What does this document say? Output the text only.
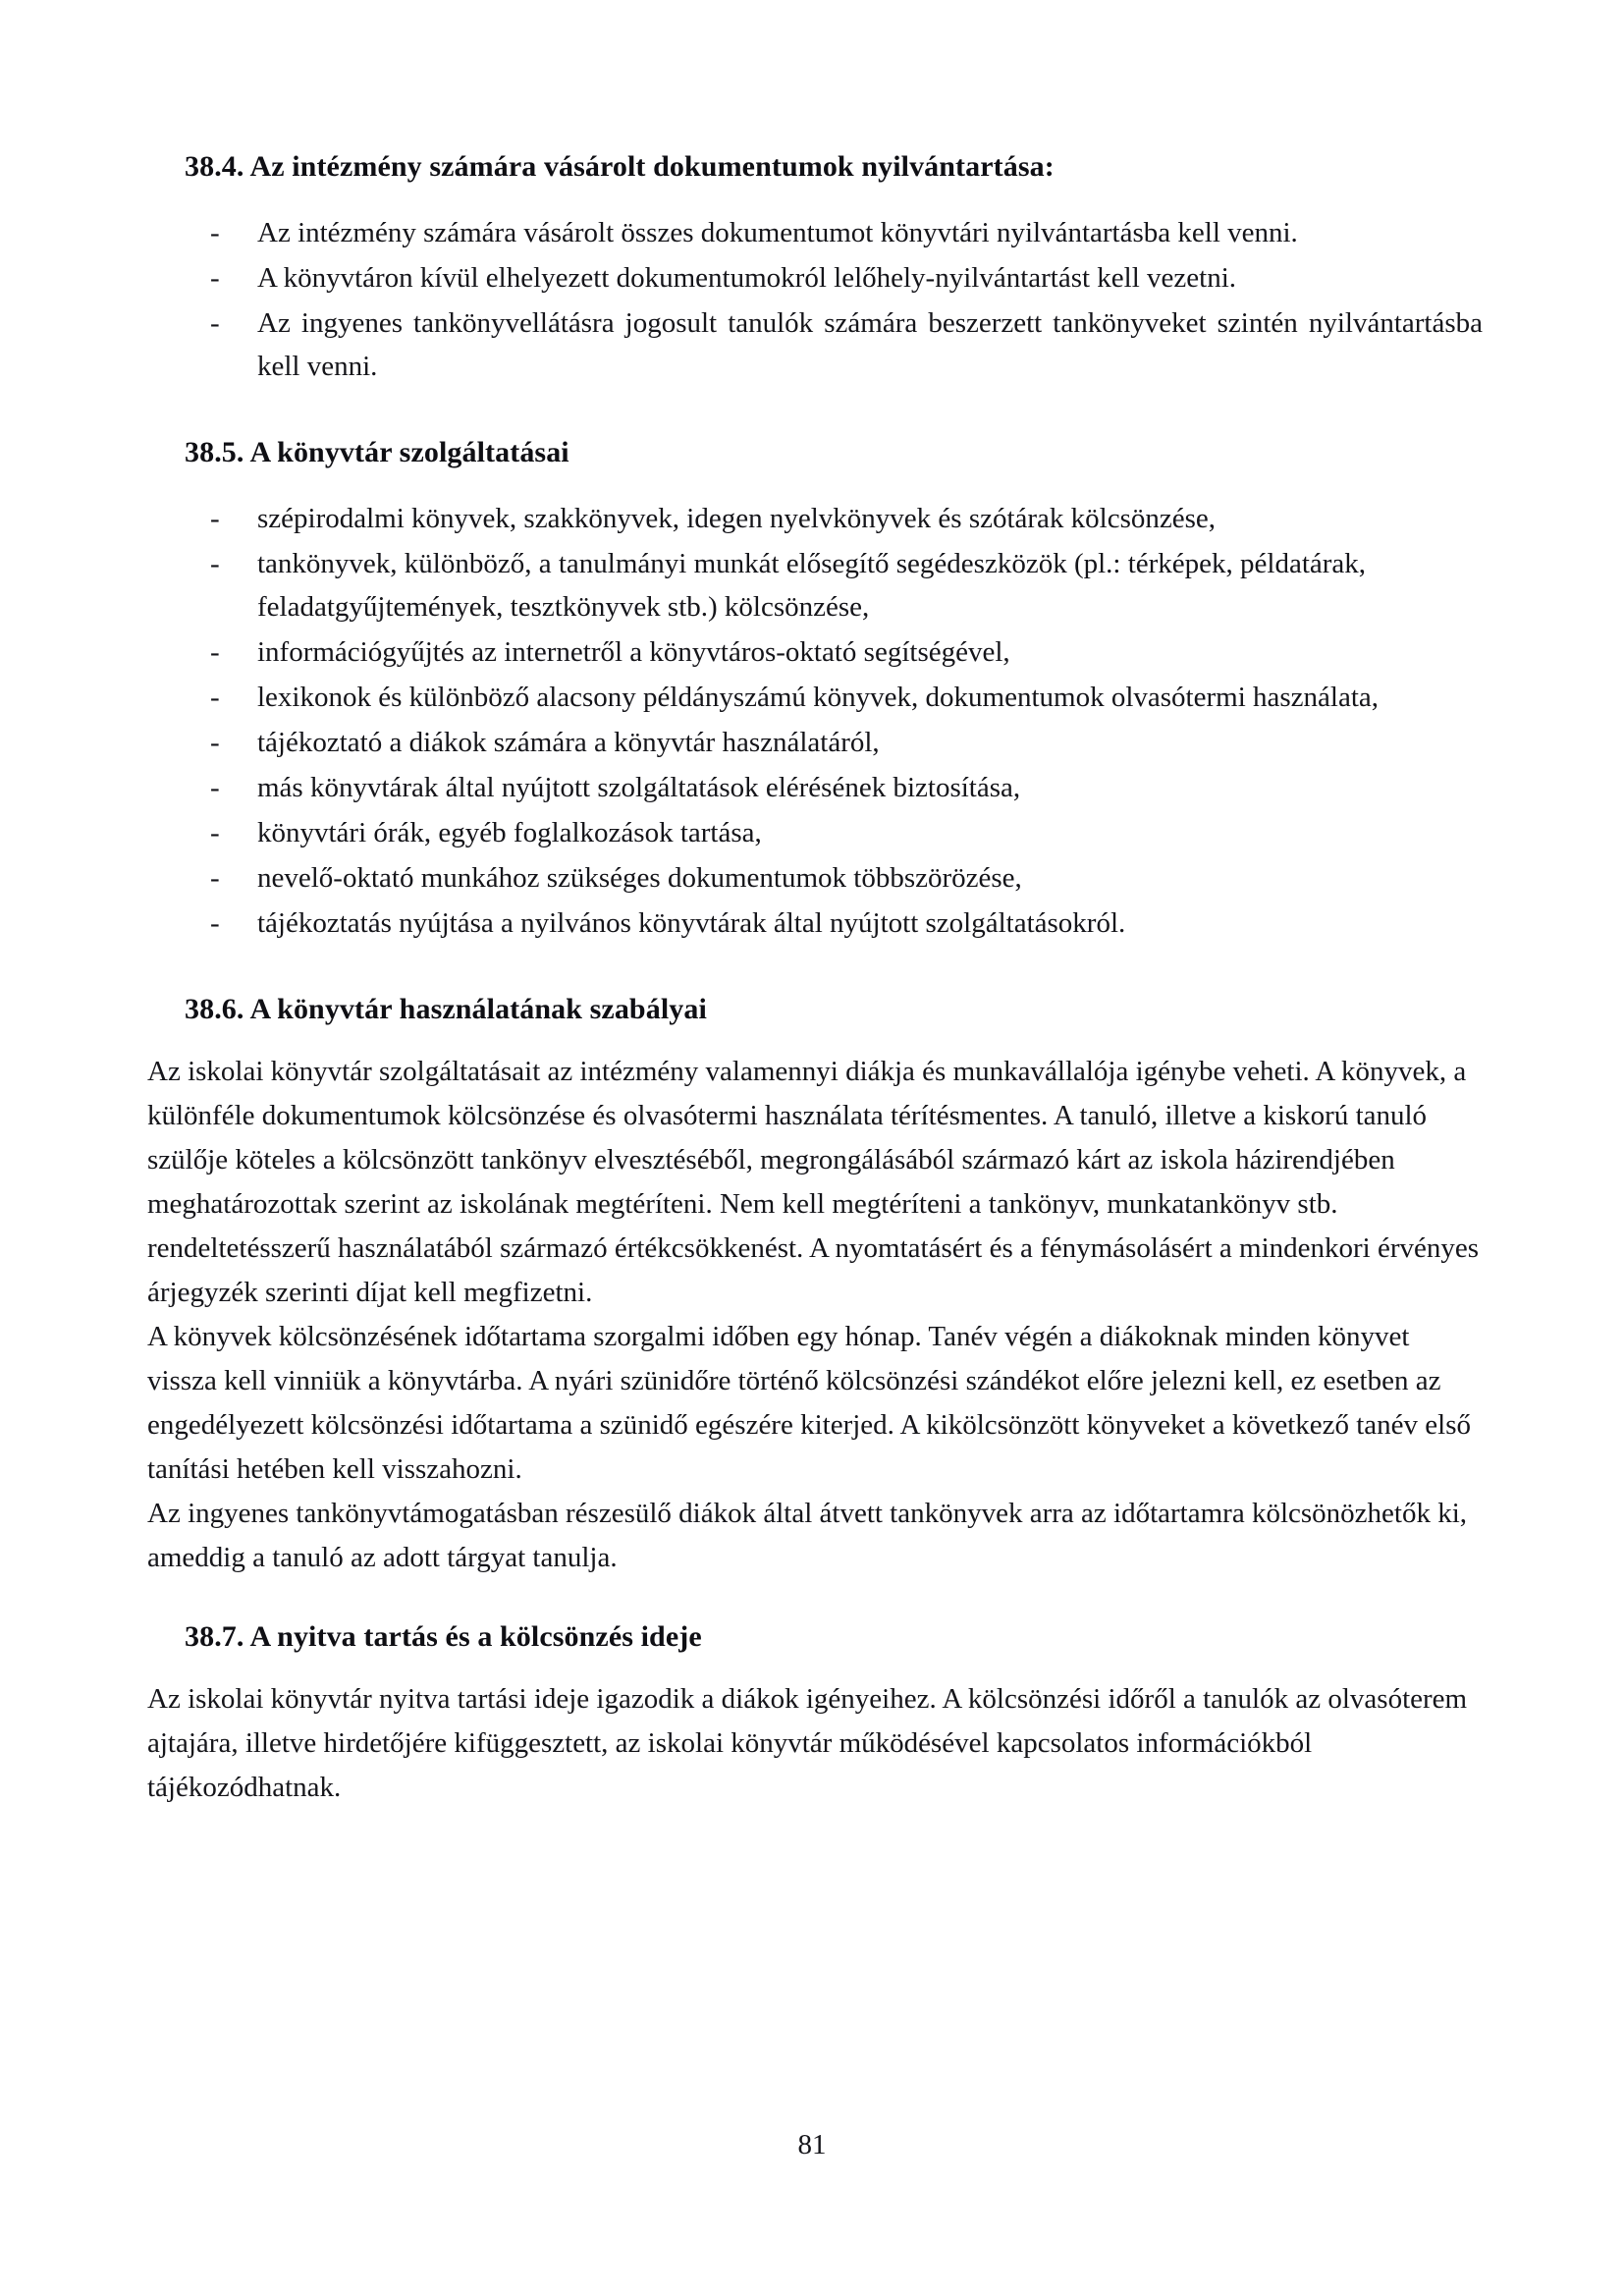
38.4. Az intézmény számára vásárolt dokumentumok nyilvántartása:
- Az intézmény számára vásárolt összes dokumentumot könyvtári nyilvántartásba kell venni.
- A könyvtáron kívül elhelyezett dokumentumokról lelőhely-nyilvántartást kell vezetni.
- Az ingyenes tankönyvellátásra jogosult tanulók számára beszerzett tankönyveket szintén nyilvántartásba kell venni.
38.5. A könyvtár szolgáltatásai
- szépirodalmi könyvek, szakkönyvek, idegen nyelvkönyvek és szótárak kölcsönzése,
- tankönyvek, különböző, a tanulmányi munkát elősegítő segédeszközök (pl.: térképek, példatárak, feladatgyűjtemények, tesztkönyvek stb.) kölcsönzése,
- információgyűjtés az internetről a könyvtáros-oktató segítségével,
- lexikonok és különböző alacsony példányszámú könyvek, dokumentumok olvasótermi használata,
- tájékoztató a diákok számára a könyvtár használatáról,
- más könyvtárak által nyújtott szolgáltatások elérésének biztosítása,
- könyvtári órák, egyéb foglalkozások tartása,
- nevelő-oktató munkához szükséges dokumentumok többszörözése,
- tájékoztatás nyújtása a nyilvános könyvtárak által nyújtott szolgáltatásokról.
38.6. A könyvtár használatának szabályai

Az iskolai könyvtár szolgáltatásait az intézmény valamennyi diákja és munkavállalója igénybe veheti. A könyvek, a különféle dokumentumok kölcsönzése és olvasótermi használata térítésmentes. A tanuló, illetve a kiskorú tanuló szülője köteles a kölcsönzött tankönyv elvesztéséből, megrongálásából származó kárt az iskola házirendjében meghatározottak szerint az iskolának megtéríteni. Nem kell megtéríteni a tankönyv, munkatankönyv stb. rendeltetésszerű használatából származó értékcsökkenést. A nyomtatásért és a fénymásolásért a mindenkori érvényes árjegyzék szerinti díjat kell megfizetni.

A könyvek kölcsönzésének időtartama szorgalmi időben egy hónap. Tanév végén a diákoknak minden könyvet vissza kell vinniük a könyvtárba. A nyári szünidőre történő kölcsönzési szándékot előre jelezni kell, ez esetben az engedélyezett kölcsönzési időtartama a szünidő egészére kiterjed. A kikölcsönzött könyveket a következő tanév első tanítási hetében kell visszahozni.

Az ingyenes tankönyvtámogatásban részesülő diákok által átvett tankönyvek arra az időtartamra kölcsönözhetők ki, ameddig a tanuló az adott tárgyat tanulja.

38.7. A nyitva tartás és a kölcsönzés ideje

Az iskolai könyvtár nyitva tartási ideje igazodik a diákok igényeihez. A kölcsönzési időről a tanulók az olvasóterem ajtajára, illetve hirdetőjére kifüggesztett, az iskolai könyvtár működésével kapcsolatos információkból tájékozódhatnak.

81
